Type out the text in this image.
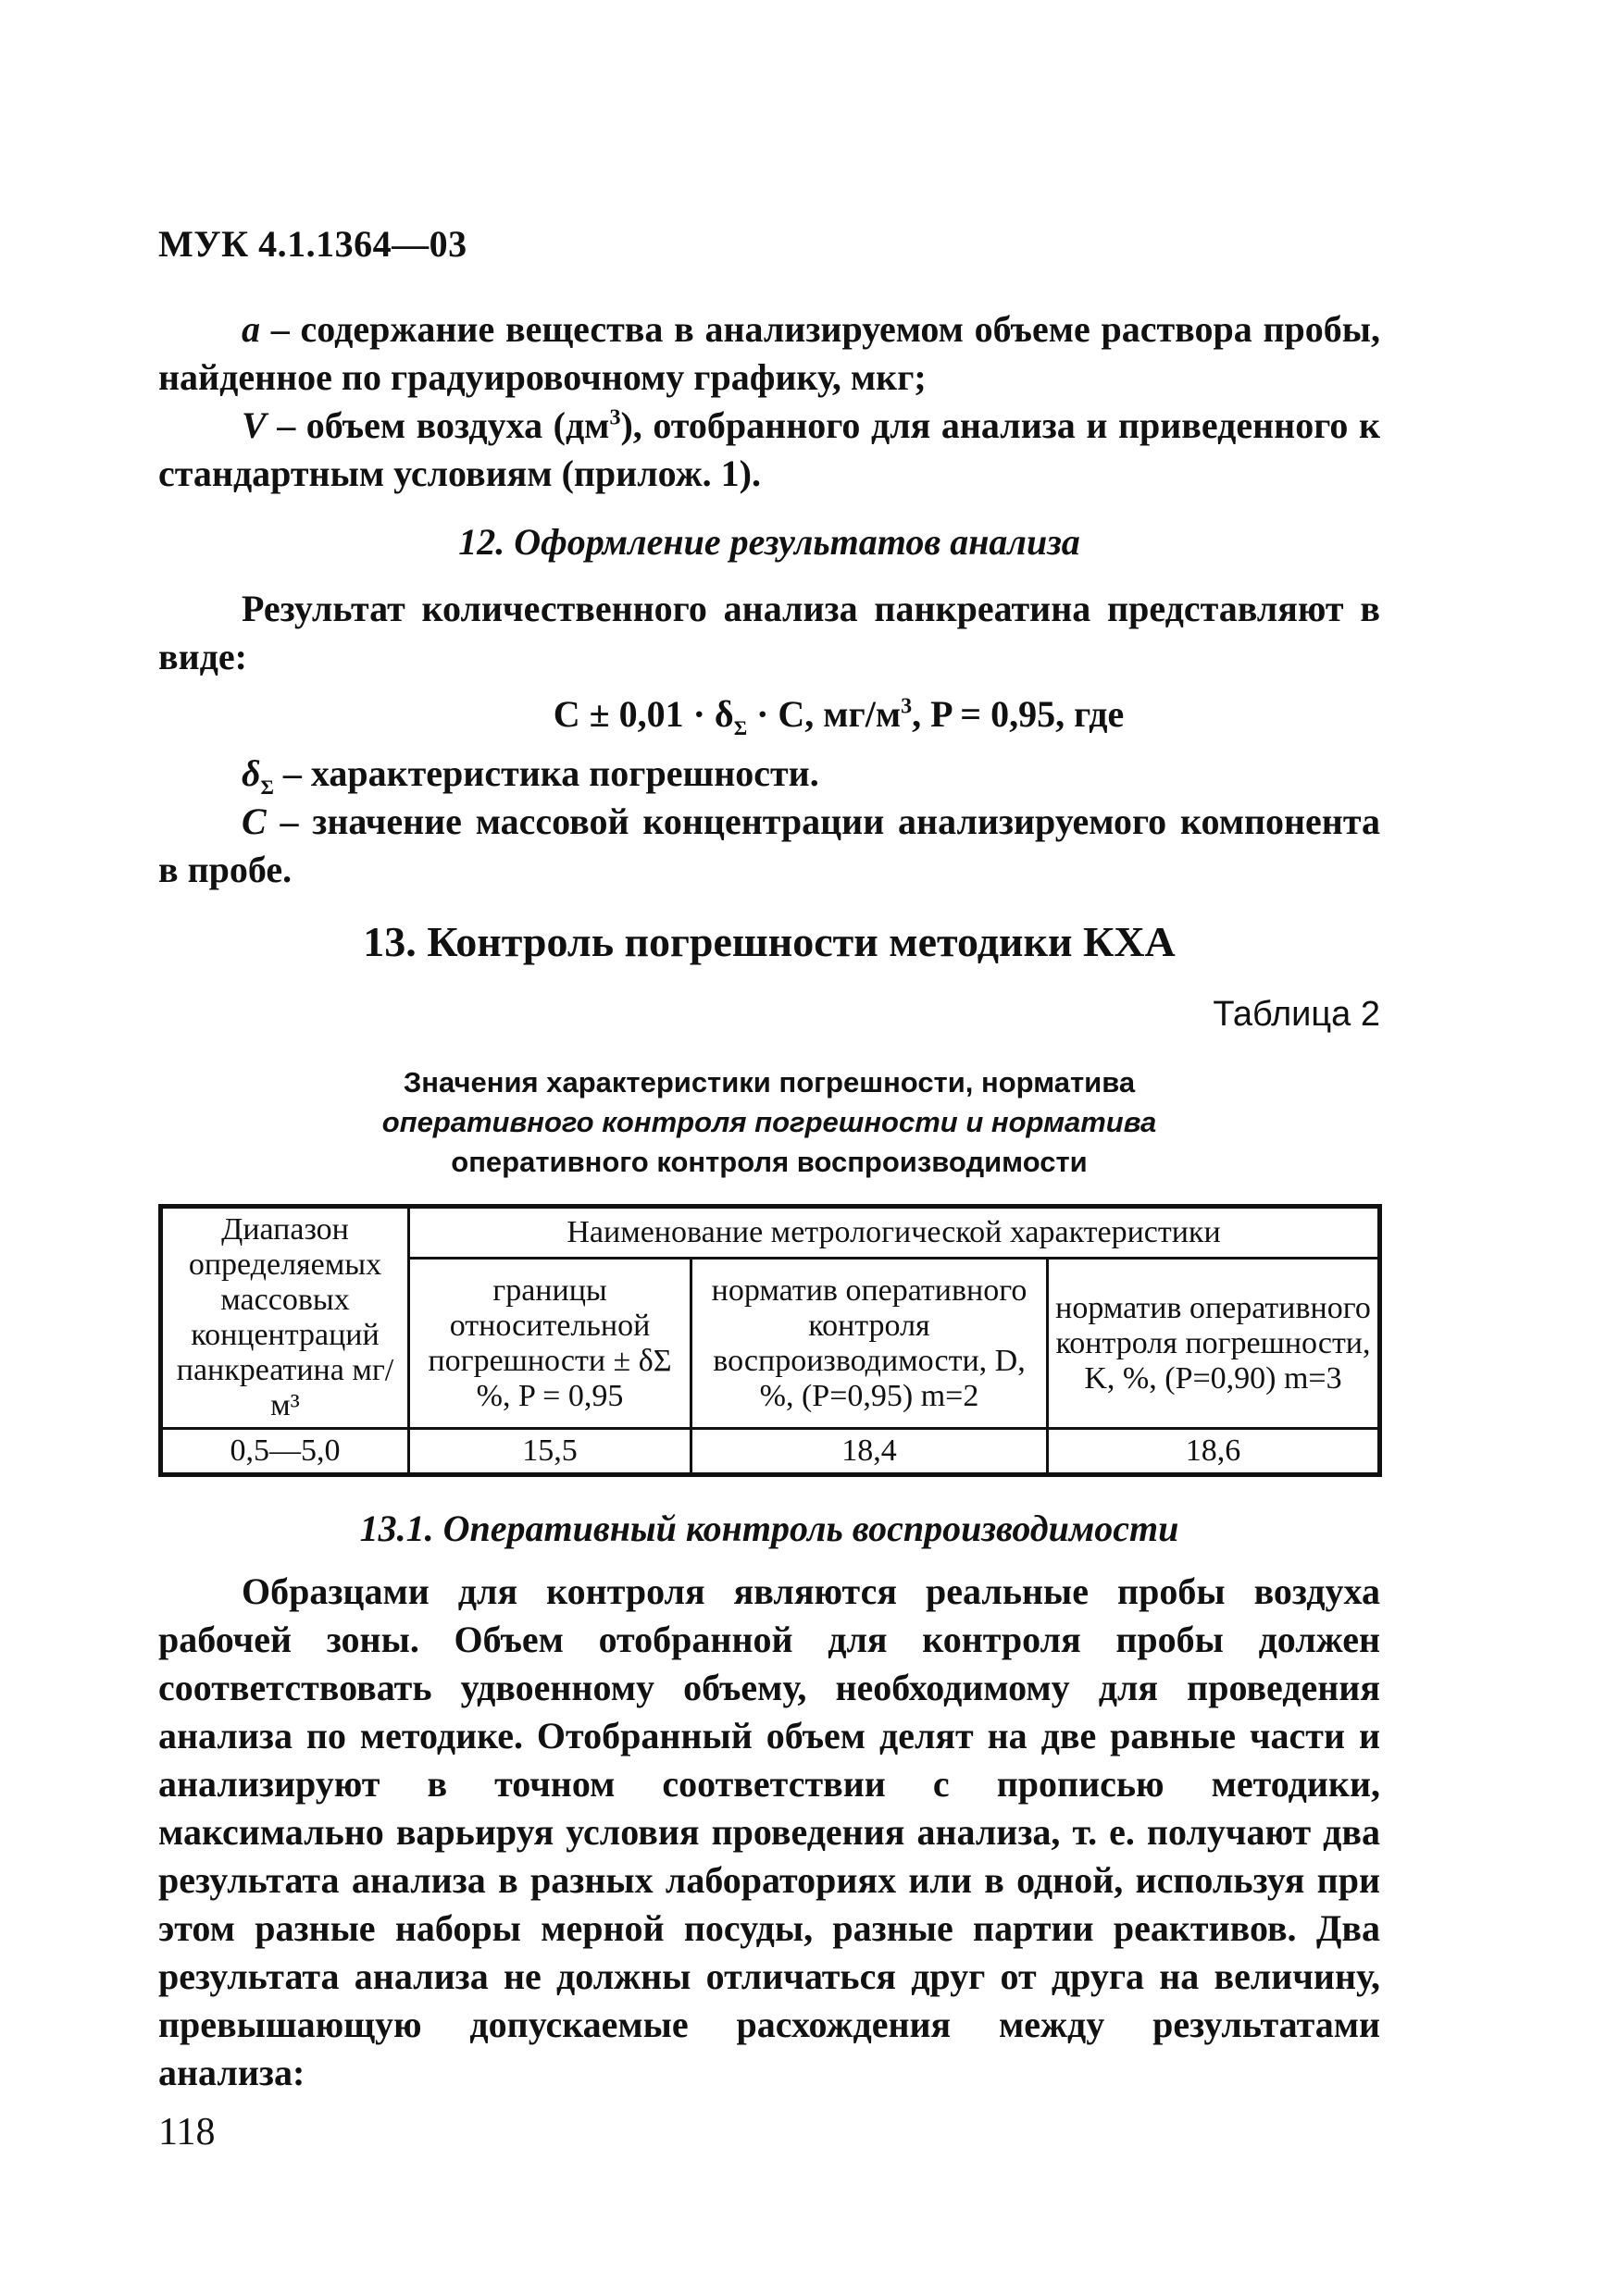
МУК 4.1.1364—03

a – содержание вещества в анализируемом объеме раствора пробы, найденное по градуировочному графику, мкг;

V – объем воздуха $(дм^3)$, отобранного для анализа и приведенного к стандартным условиям (прилож. 1).

12. Оформление результатов анализа

Результат количественного анализа панкреатина представляют в виде:

$C \pm 0,01 \cdot \delta_\Sigma \cdot C$, $мг/м^3$, P = 0,95, где

$\delta_\Sigma$ – характеристика погрешности.

C – значение массовой концентрации анализируемого компонента в пробе.

13. Контроль погрешности методики КХА
Таблица 2
Значения характеристики погрешности, норматива
оперативного контроля погрешности и норматива
оперативного контроля воспроизводимости
Диапазон определяемых массовых концентраций панкреатина мг/м³	Наименование метрологической характеристики		
	границы относительной погрешности ± δΣ %, P = 0,95	норматив оперативного контроля воспроизводимости, D, %, (P=0,95) m=2	норматив оперативного контроля погрешности, K, %, (P=0,90) m=3
0,5—5,0	15,5	18,4	18,6
13.1. Оперативный контроль воспроизводимости

Образцами для контроля являются реальные пробы воздуха рабочей зоны. Объем отобранной для контроля пробы должен соответствовать удвоенному объему, необходимому для проведения анализа по методике. Отобранный объем делят на две равные части и анализируют в точном соответствии с прописью методики, максимально варьируя условия проведения анализа, т. е. получают два результата анализа в разных лабораториях или в одной, используя при этом разные наборы мерной посуды, разные партии реактивов. Два результата анализа не должны отличаться друг от друга на величину, превышающую допускаемые расхождения между результатами анализа:

118
